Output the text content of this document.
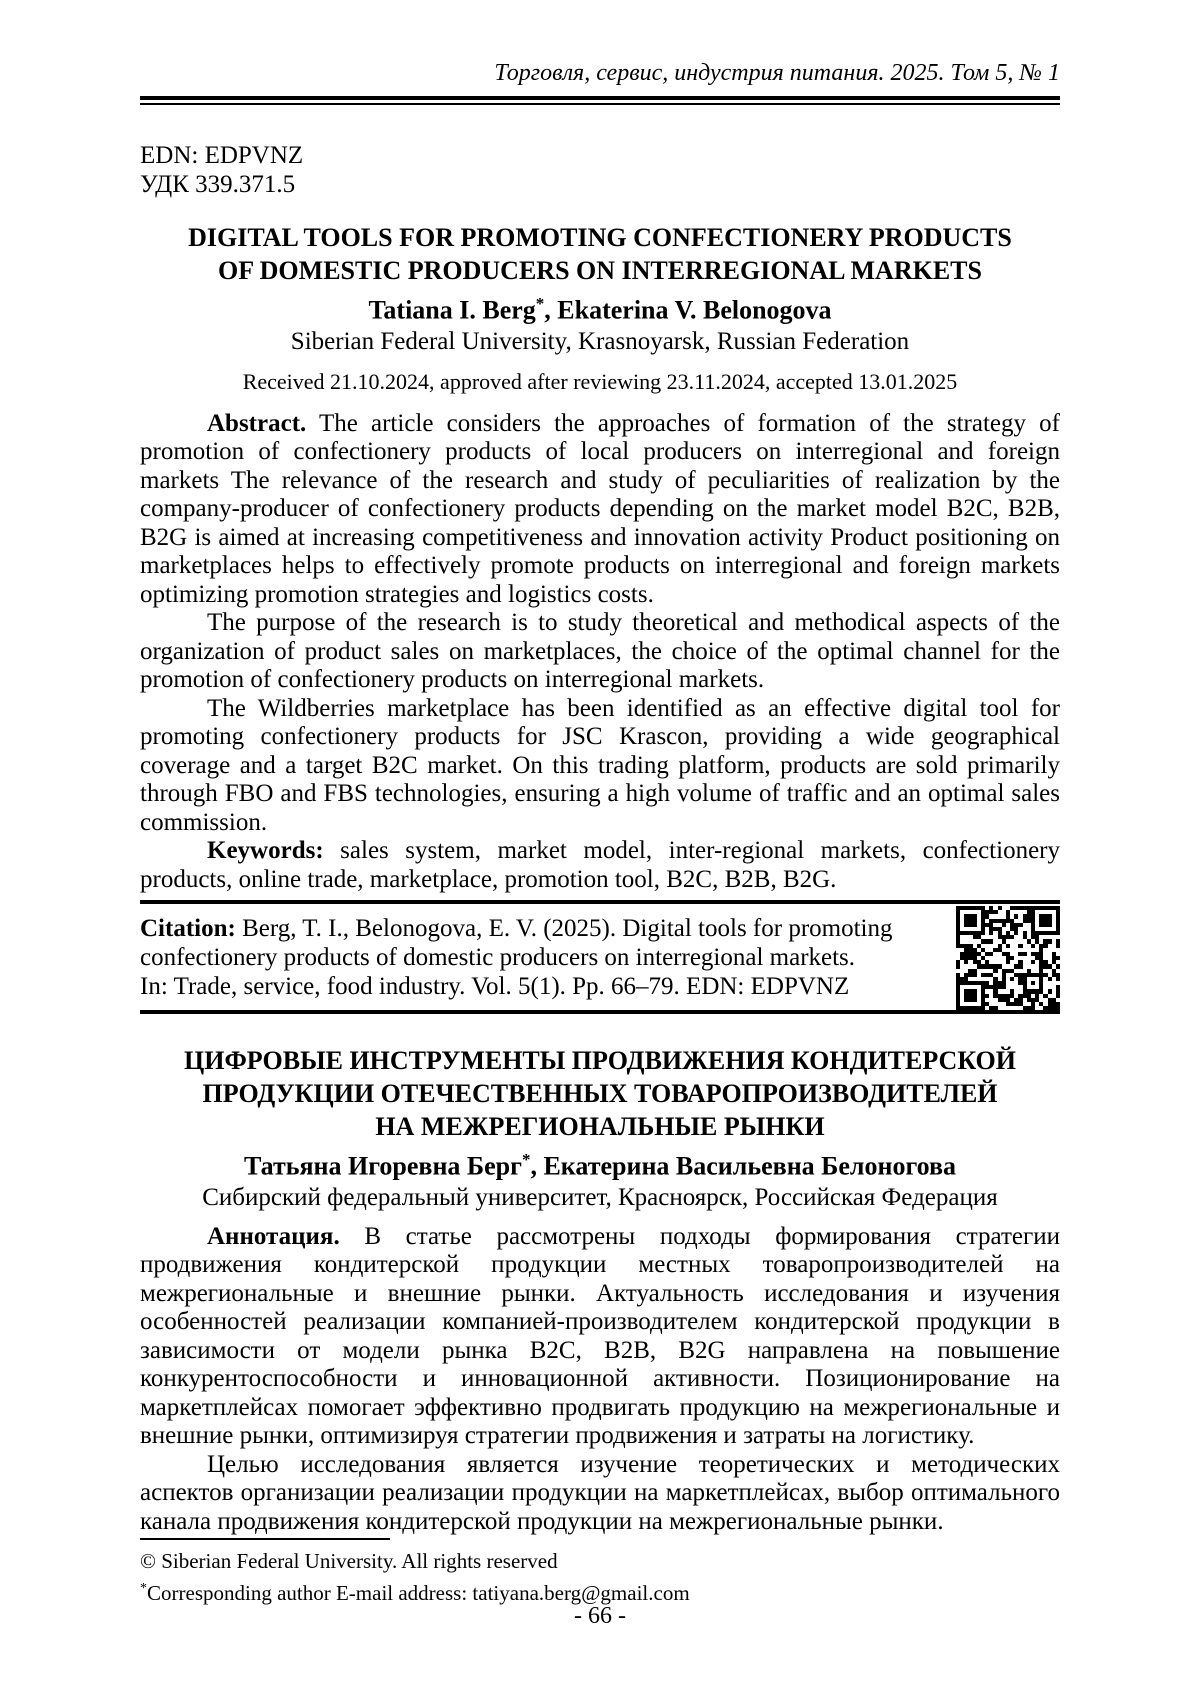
Торговля, сервис, индустрия питания. 2025. Том 5, № 1
EDN: EDPVNZ
УДК 339.371.5
DIGITAL TOOLS FOR PROMOTING CONFECTIONERY PRODUCTS
OF DOMESTIC PRODUCERS ON INTERREGIONAL MARKETS
Tatiana I. Berg*, Ekaterina V. Belonogova
Siberian Federal University, Krasnoyarsk, Russian Federation
Received 21.10.2024, approved after reviewing 23.11.2024, accepted 13.01.2025

Abstract. The article considers the approaches of formation of the strategy of promotion of confectionery products of local producers on interregional and foreign markets The relevance of the research and study of peculiarities of realization by the company-producer of confectionery products depending on the market model B2C, B2B, B2G is aimed at increasing competitiveness and innovation activity Product positioning on marketplaces helps to effectively promote products on interregional and foreign markets optimizing promotion strategies and logistics costs.

The purpose of the research is to study theoretical and methodical aspects of the organization of product sales on marketplaces, the choice of the optimal channel for the promotion of confectionery products on interregional markets.

The Wildberries marketplace has been identified as an effective digital tool for promoting confectionery products for JSC Krascon, providing a wide geographical coverage and a target B2C market. On this trading platform, products are sold primarily through FBO and FBS technologies, ensuring a high volume of traffic and an optimal sales commission.

Keywords: sales system, market model, inter-regional markets, confectionery products, online trade, marketplace, promotion tool, B2C, B2B, B2G.

Citation: Berg, T. I., Belonogova, E. V. (2025). Digital tools for promoting
confectionery products of domestic producers on interregional markets.
In: Trade, service, food industry. Vol. 5(1). Pp. 66–79. EDN: EDPVNZ
ЦИФРОВЫЕ ИНСТРУМЕНТЫ ПРОДВИЖЕНИЯ КОНДИТЕРСКОЙ
ПРОДУКЦИИ ОТЕЧЕСТВЕННЫХ ТОВАРОПРОИЗВОДИТЕЛЕЙ
НА МЕЖРЕГИОНАЛЬНЫЕ РЫНКИ
Татьяна Игоревна Берг*, Екатерина Васильевна Белоногова
Сибирский федеральный университет, Красноярск, Российская Федерация

Аннотация. В статье рассмотрены подходы формирования стратегии продвижения кондитерской продукции местных товаропроизводителей на межрегиональные и внешние рынки. Актуальность исследования и изучения особенностей реализации компанией-производителем кондитерской продукции в зависимости от модели рынка B2C, B2B, B2G направлена на повышение конкурентоспособности и инновационной активности. Позиционирование на маркетплейсах помогает эффективно продвигать продукцию на межрегиональные и внешние рынки, оптимизируя стратегии продвижения и затраты на логистику.

Целью исследования является изучение теоретических и методических аспектов организации реализации продукции на маркетплейсах, выбор оптимального канала продвижения кондитерской продукции на межрегиональные рынки.

© Siberian Federal University. All rights reserved
*Corresponding author E-mail address: tatiyana.berg@gmail.com
- 66 -
